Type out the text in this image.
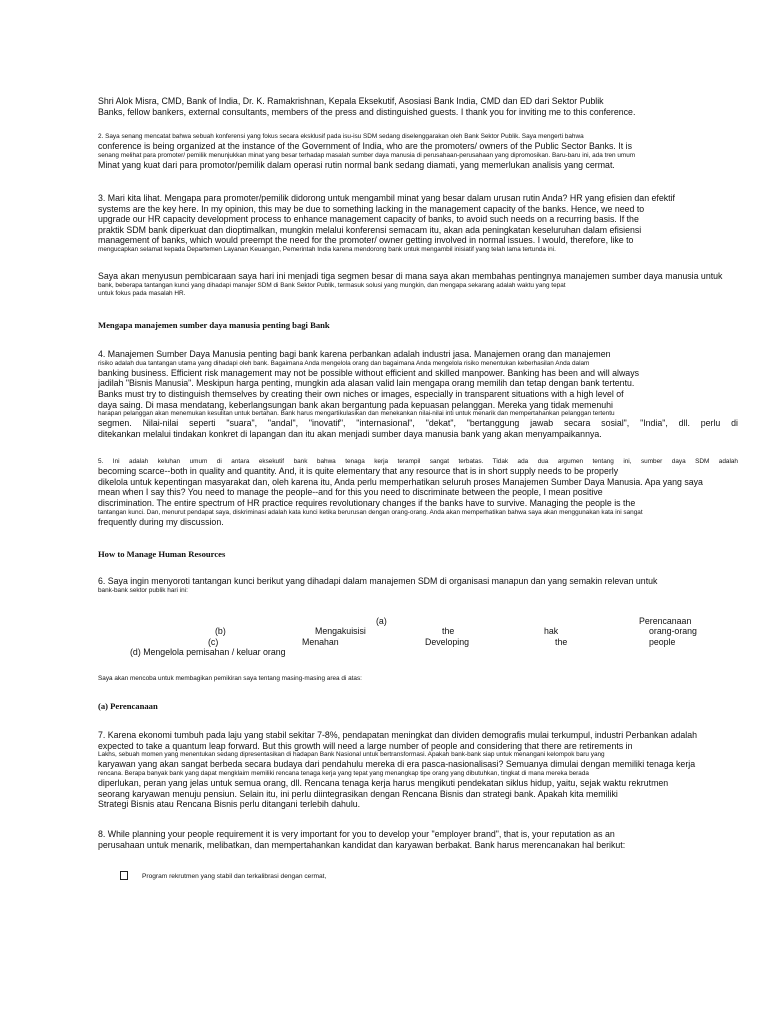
Shri Alok Misra, CMD, Bank of India, Dr. K. Ramakrishnan, Kepala Eksekutif, Asosiasi Bank India, CMD dan ED dari Sektor Publik
Banks, fellow bankers, external consultants, members of the press and distinguished guests. I thank you for inviting me to this conference.

2. Saya senang mencatat bahwa sebuah konferensi yang fokus secara eksklusif pada isu-isu SDM sedang diselenggarakan oleh Bank Sektor Publik. Saya mengerti bahwa
conference is being organized at the instance of the Government of India, who are the promoters/ owners of the Public Sector Banks. It is
senang melihat para promoter/ pemilik menunjukkan minat yang besar terhadap masalah sumber daya manusia di perusahaan-perusahaan yang dipromosikan. Baru-baru ini, ada tren umum
Minat yang kuat dari para promotor/pemilik dalam operasi rutin normal bank sedang diamati, yang memerlukan analisis yang cermat.

3. Mari kita lihat. Mengapa para promoter/pemilik didorong untuk mengambil minat yang besar dalam urusan rutin Anda? HR yang efisien dan efektif
systems are the key here. In my opinion, this may be due to something lacking in the management capacity of the banks. Hence, we need to
upgrade our HR capacity development process to enhance management capacity of banks, to avoid such needs on a recurring basis. If the
praktik SDM bank diperkuat dan dioptimalkan, mungkin melalui konferensi semacam itu, akan ada peningkatan keseluruhan dalam efisiensi
management of banks, which would preempt the need for the promoter/ owner getting involved in normal issues. I would, therefore, like to
mengucapkan selamat kepada Departemen Layanan Keuangan, Pemerintah India karena mendorong bank untuk mengambil inisiatif yang telah lama tertunda ini.

Saya akan menyusun pembicaraan saya hari ini menjadi tiga segmen besar di mana saya akan membahas pentingnya manajemen sumber daya manusia untuk
bank, beberapa tantangan kunci yang dihadapi manajer SDM di Bank Sektor Publik, termasuk solusi yang mungkin, dan mengapa sekarang adalah waktu yang tepat
untuk fokus pada masalah HR.

Mengapa manajemen sumber daya manusia penting bagi Bank

4. Manajemen Sumber Daya Manusia penting bagi bank karena perbankan adalah industri jasa. Manajemen orang dan manajemen
risiko adalah dua tantangan utama yang dihadapi oleh bank. Bagaimana Anda mengelola orang dan bagaimana Anda mengelola risiko menentukan keberhasilan Anda dalam
banking business. Efficient risk management may not be possible without efficient and skilled manpower. Banking has been and will always
jadilah "Bisnis Manusia". Meskipun harga penting, mungkin ada alasan valid lain mengapa orang memilih dan tetap dengan bank tertentu.
Banks must try to distinguish themselves by creating their own niches or images, especially in transparent situations with a high level of
daya saing. Di masa mendatang, keberlangsungan bank akan bergantung pada kepuasan pelanggan. Mereka yang tidak memenuhi
harapan pelanggan akan menemukan kesulitan untuk bertahan. Bank harus mengartikulasikan dan menekankan nilai-nilai inti untuk menarik dan mempertahankan pelanggan tertentu
segmen. Nilai-nilai seperti "suara", "andal", "inovatif", "internasional", "dekat", "bertanggung jawab secara sosial", "India", dll. perlu di
ditekankan melalui tindakan konkret di lapangan dan itu akan menjadi sumber daya manusia bank yang akan menyampaikannya.

5. Ini adalah keluhan umum di antara eksekutif bank bahwa tenaga kerja terampil sangat terbatas. Tidak ada dua argumen tentang ini, sumber daya SDM adalah
becoming scarce--both in quality and quantity. And, it is quite elementary that any resource that is in short supply needs to be properly
dikelola untuk kepentingan masyarakat dan, oleh karena itu, Anda perlu memperhatikan seluruh proses Manajemen Sumber Daya Manusia. Apa yang saya
mean when I say this? You need to manage the people--and for this you need to discriminate between the people, I mean positive
discrimination. The entire spectrum of HR practice requires revolutionary changes if the banks have to survive. Managing the people is the
tantangan kunci. Dan, menurut pendapat saya, diskriminasi adalah kata kunci ketika berurusan dengan orang-orang. Anda akan memperhatikan bahwa saya akan menggunakan kata ini sangat
frequently during my discussion.

How to Manage Human Resources

6. Saya ingin menyoroti tantangan kunci berikut yang dihadapi dalam manajemen SDM di organisasi manapun dan yang semakin relevan untuk
bank-bank sektor publik hari ini:

(a)	Perencanaan
(b)	Mengakuisisi	the	hak	orang-orang
(c)	Menahan	Developing	the	people
(d) Mengelola pemisahan / keluar orang

Saya akan mencoba untuk membagikan pemikiran saya tentang masing-masing area di atas:

(a) Perencanaan

7. Karena ekonomi tumbuh pada laju yang stabil sekitar 7-8%, pendapatan meningkat dan dividen demografis mulai terkumpul, industri Perbankan adalah
expected to take a quantum leap forward. But this growth will need a large number of people and considering that there are retirements in
Lakhs, sebuah momen yang menentukan sedang dipresentasikan di hadapan Bank Nasional untuk bertransformasi. Apakah bank-bank siap untuk menangani kelompok baru yang
karyawan yang akan sangat berbeda secara budaya dari pendahulu mereka di era pasca-nasionalisasi? Semuanya dimulai dengan memiliki tenaga kerja
rencana. Berapa banyak bank yang dapat mengklaim memiliki rencana tenaga kerja yang tepat yang menangkap tipe orang yang dibutuhkan, tingkat di mana mereka berada
diperlukan, peran yang jelas untuk semua orang, dll. Rencana tenaga kerja harus mengikuti pendekatan siklus hidup, yaitu, sejak waktu rekrutmen
seorang karyawan menuju pensiun. Selain itu, ini perlu diintegrasikan dengan Rencana Bisnis dan strategi bank. Apakah kita memiliki
Strategi Bisnis atau Rencana Bisnis perlu ditangani terlebih dahulu.

8. While planning your people requirement it is very important for you to develop your "employer brand", that is, your reputation as an
perusahaan untuk menarik, melibatkan, dan mempertahankan kandidat dan karyawan berbakat. Bank harus merencanakan hal berikut:

Program rekrutmen yang stabil dan terkalibrasi dengan cermat,
